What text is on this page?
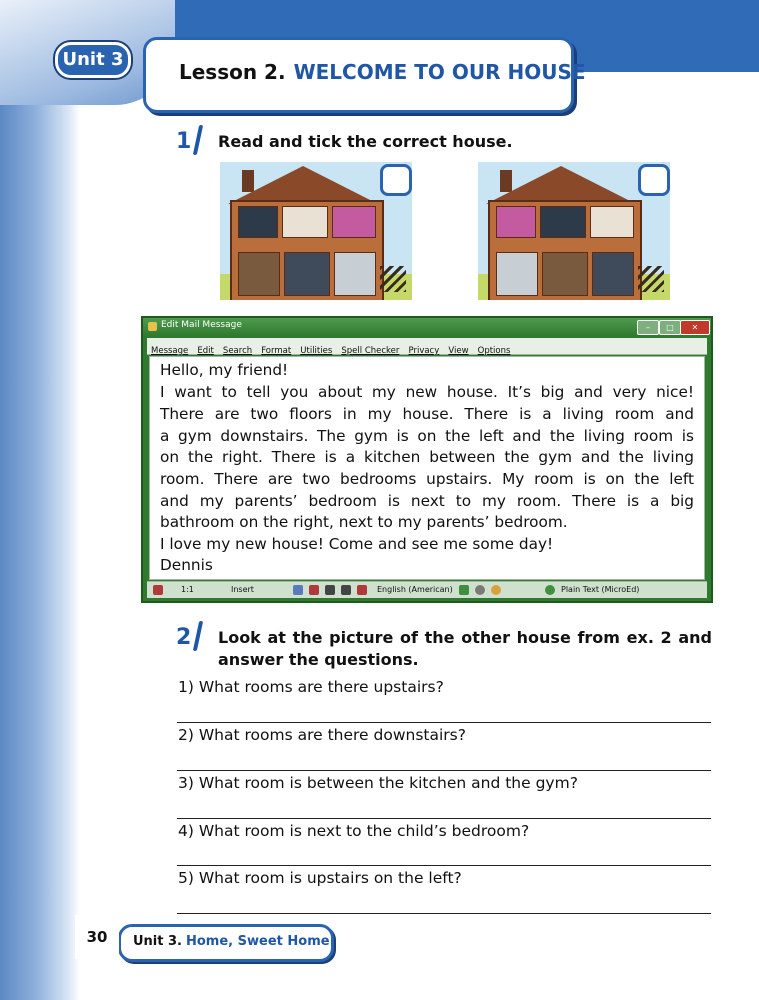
Unit 3
Lesson 2. WELCOME TO OUR HOUSE
1	Read and tick the correct house.
Edit Mail Message	–	□	✕
Message Edit Search Format Utilities Spell Checker Privacy View Options
Hello, my friend!
I want to tell you about my new house. It’s big and very nice!
There are two floors in my house. There is a living room and
a gym downstairs. The gym is on the left and the living room is
on the right. There is a kitchen between the gym and the living
room. There are two bedrooms upstairs. My room is on the left
and my parents’ bedroom is next to my room. There is a big
bathroom on the right, next to my parents’ bedroom.
I love my new house! Come and see me some day!
Dennis
1:1	Insert	English (American)	Plain Text (MicroEd)
2	Look at the picture of the other house from ex. 2 and
answer the questions.
1) What rooms are there upstairs?
2) What rooms are there downstairs?
3) What room is between the kitchen and the gym?
4) What room is next to the child’s bedroom?
5) What room is upstairs on the left?
Unit 3. Home, Sweet Home
30
